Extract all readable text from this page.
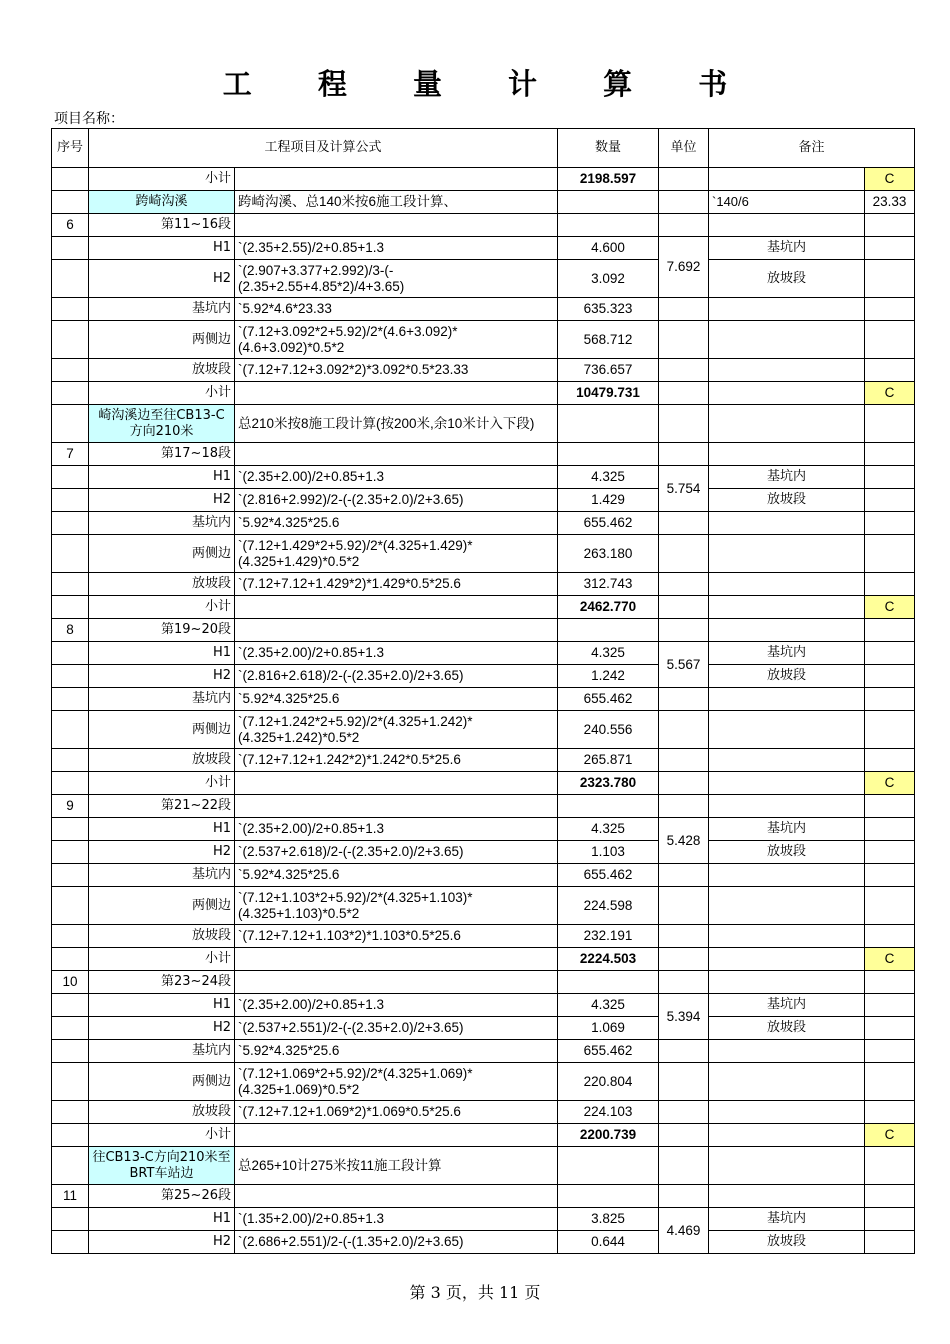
工 程 量 计 算 书
项目名称：
序号	工程项目及计算公式		数量	单位	备注	
	小计		2198.597			C
	跨崎沟溪	跨崎沟溪、总140米按6施工段计算、			`140/6	23.33
6	第11~16段					
	H1	`(2.35+2.55)/2+0.85+1.3	4.600	7.692	基坑内	
	H2	`(2.907+3.377+2.992)/3-(-(2.35+2.55+4.85*2)/4+3.65)	3.092		放坡段	
	基坑内	`5.92*4.6*23.33	635.323			
	两侧边	`(7.12+3.092*2+5.92)/2*(4.6+3.092)*(4.6+3.092)*0.5*2	568.712			
	放坡段	`(7.12+7.12+3.092*2)*3.092*0.5*23.33	736.657			
	小计		10479.731			C
	崎沟溪边至往CB13-C方向210米	总210米按8施工段计算(按200米,余10米计入下段)				
7	第17~18段					
	H1	`(2.35+2.00)/2+0.85+1.3	4.325	5.754	基坑内	
	H2	`(2.816+2.992)/2-(-(2.35+2.0)/2+3.65)	1.429		放坡段	
	基坑内	`5.92*4.325*25.6	655.462			
	两侧边	`(7.12+1.429*2+5.92)/2*(4.325+1.429)*(4.325+1.429)*0.5*2	263.180			
	放坡段	`(7.12+7.12+1.429*2)*1.429*0.5*25.6	312.743			
	小计		2462.770			C
8	第19~20段					
	H1	`(2.35+2.00)/2+0.85+1.3	4.325	5.567	基坑内	
	H2	`(2.816+2.618)/2-(-(2.35+2.0)/2+3.65)	1.242		放坡段	
	基坑内	`5.92*4.325*25.6	655.462			
	两侧边	`(7.12+1.242*2+5.92)/2*(4.325+1.242)*(4.325+1.242)*0.5*2	240.556			
	放坡段	`(7.12+7.12+1.242*2)*1.242*0.5*25.6	265.871			
	小计		2323.780			C
9	第21~22段					
	H1	`(2.35+2.00)/2+0.85+1.3	4.325	5.428	基坑内	
	H2	`(2.537+2.618)/2-(-(2.35+2.0)/2+3.65)	1.103		放坡段	
	基坑内	`5.92*4.325*25.6	655.462			
	两侧边	`(7.12+1.103*2+5.92)/2*(4.325+1.103)*(4.325+1.103)*0.5*2	224.598			
	放坡段	`(7.12+7.12+1.103*2)*1.103*0.5*25.6	232.191			
	小计		2224.503			C
10	第23~24段					
	H1	`(2.35+2.00)/2+0.85+1.3	4.325	5.394	基坑内	
	H2	`(2.537+2.551)/2-(-(2.35+2.0)/2+3.65)	1.069		放坡段	
	基坑内	`5.92*4.325*25.6	655.462			
	两侧边	`(7.12+1.069*2+5.92)/2*(4.325+1.069)*(4.325+1.069)*0.5*2	220.804			
	放坡段	`(7.12+7.12+1.069*2)*1.069*0.5*25.6	224.103			
	小计		2200.739			C
	往CB13-C方向210米至BRT车站边	总265+10计275米按11施工段计算				
11	第25~26段					
	H1	`(1.35+2.00)/2+0.85+1.3	3.825	4.469	基坑内	
	H2	`(2.686+2.551)/2-(-(1.35+2.0)/2+3.65)	0.644		放坡段	
第 3 页，共 11 页
